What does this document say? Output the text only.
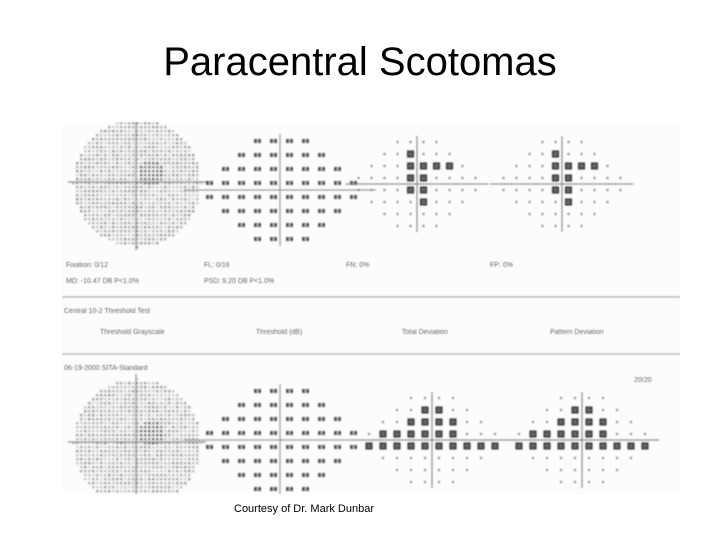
Paracentral Scotomas
Fixation: 0/12
MD: -10.47 DB P<1.0%
FL: 0/16
PSD: 9.20 DB P<1.0%
FN: 0%	FP: 0%
Central 10-2 Threshold Test
Threshold Grayscale	Threshold (dB)	Total Deviation	Pattern Deviation
06-19-2000 SITA-Standard
20/20
Courtesy of Dr. Mark Dunbar
